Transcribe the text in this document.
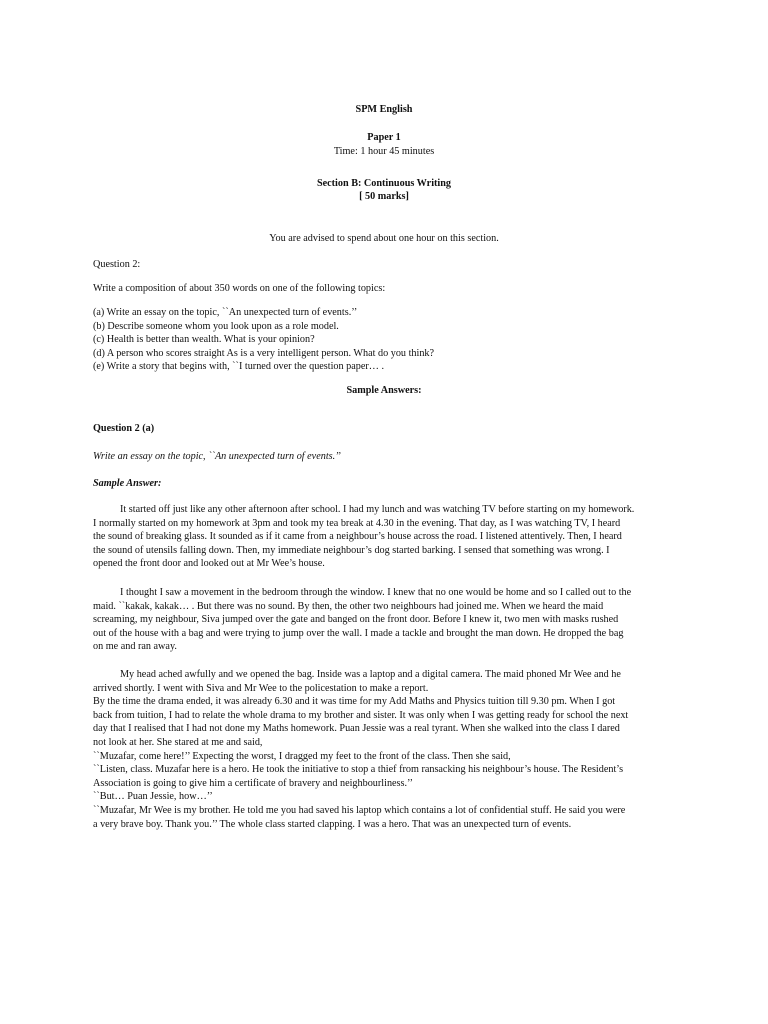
SPM English
Paper 1
Time: 1 hour 45 minutes
Section B: Continuous Writing
[ 50 marks]
You are advised to spend about one hour on this section.
Question 2:
Write a composition of about 350 words on one of the following topics:
(a) Write an essay on the topic, ``An unexpected turn of events.’’
(b) Describe someone whom you look upon as a role model.
(c) Health is better than wealth. What is your opinion?
(d) A person who scores straight As is a very intelligent person. What do you think?
(e) Write a story that begins with, ``I turned over the question paper… .
Sample Answers:
Question 2 (a)
Write an essay on the topic, ``An unexpected turn of events.’’
Sample Answer:
It started off just like any other afternoon after school. I had my lunch and was watching TV before starting on my homework.
I normally started on my homework at 3pm and took my tea break at 4.30 in the evening. That day, as I was watching TV, I heard
the sound of breaking glass. It sounded as if it came from a neighbour’s house across the road. I listened attentively. Then, I heard
the sound of utensils falling down. Then, my immediate neighbour’s dog started barking. I sensed that something was wrong. I
opened the front door and looked out at Mr Wee’s house.
I thought I saw a movement in the bedroom through the window. I knew that no one would be home and so I called out to the
maid. ``kakak, kakak… . But there was no sound. By then, the other two neighbours had joined me. When we heard the maid
screaming, my neighbour, Siva jumped over the gate and banged on the front door. Before I knew it, two men with masks rushed
out of the house with a bag and were trying to jump over the wall. I made a tackle and brought the man down. He dropped the bag
on me and ran away.
My head ached awfully and we opened the bag. Inside was a laptop and a digital camera. The maid phoned Mr Wee and he
arrived shortly. I went with Siva and Mr Wee to the policestation to make a report.
By the time the drama ended, it was already 6.30 and it was time for my Add Maths and Physics tuition till 9.30 pm. When I got
back from tuition, I had to relate the whole drama to my brother and sister. It was only when I was getting ready for school the next
day that I realised that I had not done my Maths homework. Puan Jessie was a real tyrant. When she walked into the class I dared
not look at her. She stared at me and said,
``Muzafar, come here!’’ Expecting the worst, I dragged my feet to the front of the class. Then she said,
``Listen, class. Muzafar here is a hero. He took the initiative to stop a thief from ransacking his neighbour’s house. The Resident’s
Association is going to give him a certificate of bravery and neighbourliness.’’
``But… Puan Jessie, how…’’
``Muzafar, Mr Wee is my brother. He told me you had saved his laptop which contains a lot of confidential stuff. He said you were
a very brave boy. Thank you.’’ The whole class started clapping. I was a hero. That was an unexpected turn of events.
